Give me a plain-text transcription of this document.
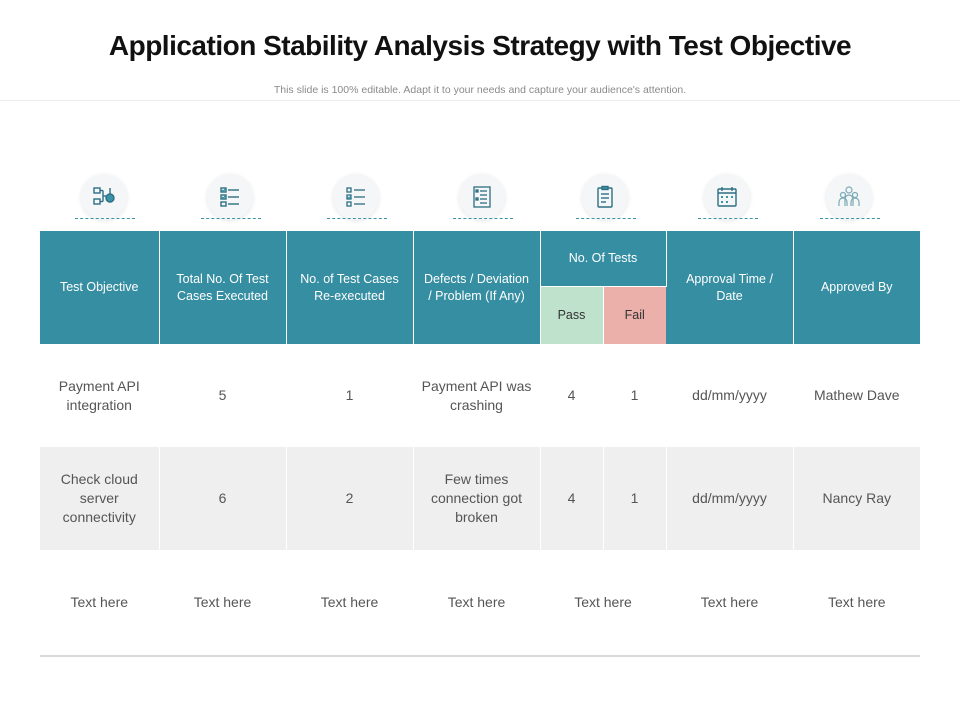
Application Stability Analysis Strategy with Test Objective
This slide is 100% editable. Adapt it to your needs and capture your audience's attention.
Test Objective	Total No. Of Test Cases Executed	No. of Test Cases Re-executed	Defects / Deviation / Problem (If Any)	No. Of Tests		Approval Time / Date	Approved By
				Pass	Fail		
Payment API integration	5	1	Payment API was crashing	4	1	dd/mm/yyyy	Mathew Dave
Check cloud server connectivity	6	2	Few times connection got broken	4	1	dd/mm/yyyy	Nancy Ray
Text here	Text here	Text here	Text here	Text here		Text here	Text here
